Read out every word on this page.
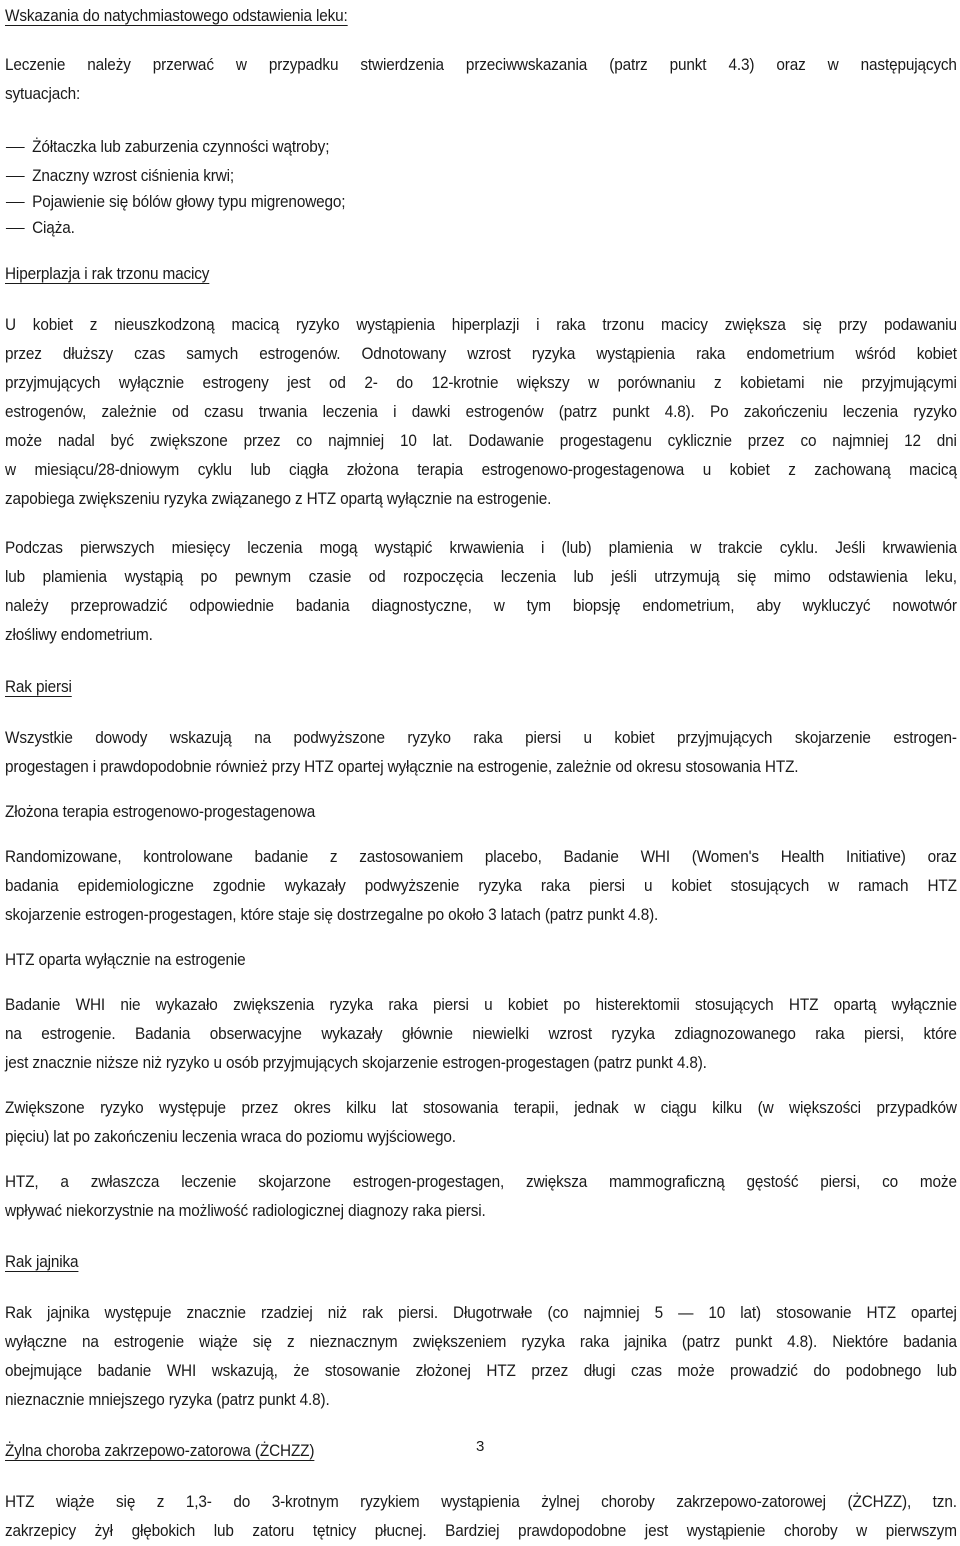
Wskazania do natychmiastowego odstawienia leku:
Leczenie należy przerwać w przypadku stwierdzenia przeciwwskazania (patrz punkt 4.3) oraz w następujących
sytuacjach:
Żółtaczka lub zaburzenia czynności wątroby;
Znaczny wzrost ciśnienia krwi;
Pojawienie się bólów głowy typu migrenowego;
Ciąża.
Hiperplazja i rak trzonu macicy
U kobiet z nieuszkodzoną macicą ryzyko wystąpienia hiperplazji i raka trzonu macicy zwiększa się przy podawaniu
przez dłuższy czas samych estrogenów. Odnotowany wzrost ryzyka wystąpienia raka endometrium wśród kobiet
przyjmujących wyłącznie estrogeny jest od 2- do 12-krotnie większy w porównaniu z kobietami nie przyjmującymi
estrogenów, zależnie od czasu trwania leczenia i dawki estrogenów (patrz punkt 4.8). Po zakończeniu leczenia ryzyko
może nadal być zwiększone przez co najmniej 10 lat. Dodawanie progestagenu cyklicznie przez co najmniej 12 dni
w miesiącu/28-dniowym cyklu lub ciągła złożona terapia estrogenowo-progestagenowa u kobiet z zachowaną macicą
zapobiega zwiększeniu ryzyka związanego z HTZ opartą wyłącznie na estrogenie.
Podczas pierwszych miesięcy leczenia mogą wystąpić krwawienia i (lub) plamienia w trakcie cyklu. Jeśli krwawienia
lub plamienia wystąpią po pewnym czasie od rozpoczęcia leczenia lub jeśli utrzymują się mimo odstawienia leku,
należy przeprowadzić odpowiednie badania diagnostyczne, w tym biopsję endometrium, aby wykluczyć nowotwór
złośliwy endometrium.
Rak piersi
Wszystkie dowody wskazują na podwyższone ryzyko raka piersi u kobiet przyjmujących skojarzenie estrogen-
progestagen i prawdopodobnie również przy HTZ opartej wyłącznie na estrogenie, zależnie od okresu stosowania HTZ.
Złożona terapia estrogenowo-progestagenowa
Randomizowane, kontrolowane badanie z zastosowaniem placebo, Badanie WHI (Women's Health Initiative) oraz
badania epidemiologiczne zgodnie wykazały podwyższenie ryzyka raka piersi u kobiet stosujących w ramach HTZ
skojarzenie estrogen-progestagen, które staje się dostrzegalne po około 3 latach (patrz punkt 4.8).
HTZ oparta wyłącznie na estrogenie
Badanie WHI nie wykazało zwiększenia ryzyka raka piersi u kobiet po histerektomii stosujących HTZ opartą wyłącznie
na estrogenie. Badania obserwacyjne wykazały głównie niewielki wzrost ryzyka zdiagnozowanego raka piersi, które
jest znacznie niższe niż ryzyko u osób przyjmujących skojarzenie estrogen-progestagen (patrz punkt 4.8).
Zwiększone ryzyko występuje przez okres kilku lat stosowania terapii, jednak w ciągu kilku (w większości przypadków
pięciu) lat po zakończeniu leczenia wraca do poziomu wyjściowego.
HTZ, a zwłaszcza leczenie skojarzone estrogen-progestagen, zwiększa mammograficzną gęstość piersi, co może
wpływać niekorzystnie na możliwość radiologicznej diagnozy raka piersi.
Rak jajnika
Rak jajnika występuje znacznie rzadziej niż rak piersi. Długotrwałe (co najmniej 5 — 10 lat) stosowanie HTZ opartej
wyłączne na estrogenie wiąże się z nieznacznym zwiększeniem ryzyka raka jajnika (patrz punkt 4.8). Niektóre badania
obejmujące badanie WHI wskazują, że stosowanie złożonej HTZ przez długi czas może prowadzić do podobnego lub
nieznacznie mniejszego ryzyka (patrz punkt 4.8).
Żylna choroba zakrzepowo-zatorowa (ŻCHZZ)
HTZ wiąże się z 1,3- do 3-krotnym ryzykiem wystąpienia żylnej choroby zakrzepowo-zatorowej (ŻCHZZ), tzn.
zakrzepicy żył głębokich lub zatoru tętnicy płucnej. Bardziej prawdopodobne jest wystąpienie choroby w pierwszym
3
